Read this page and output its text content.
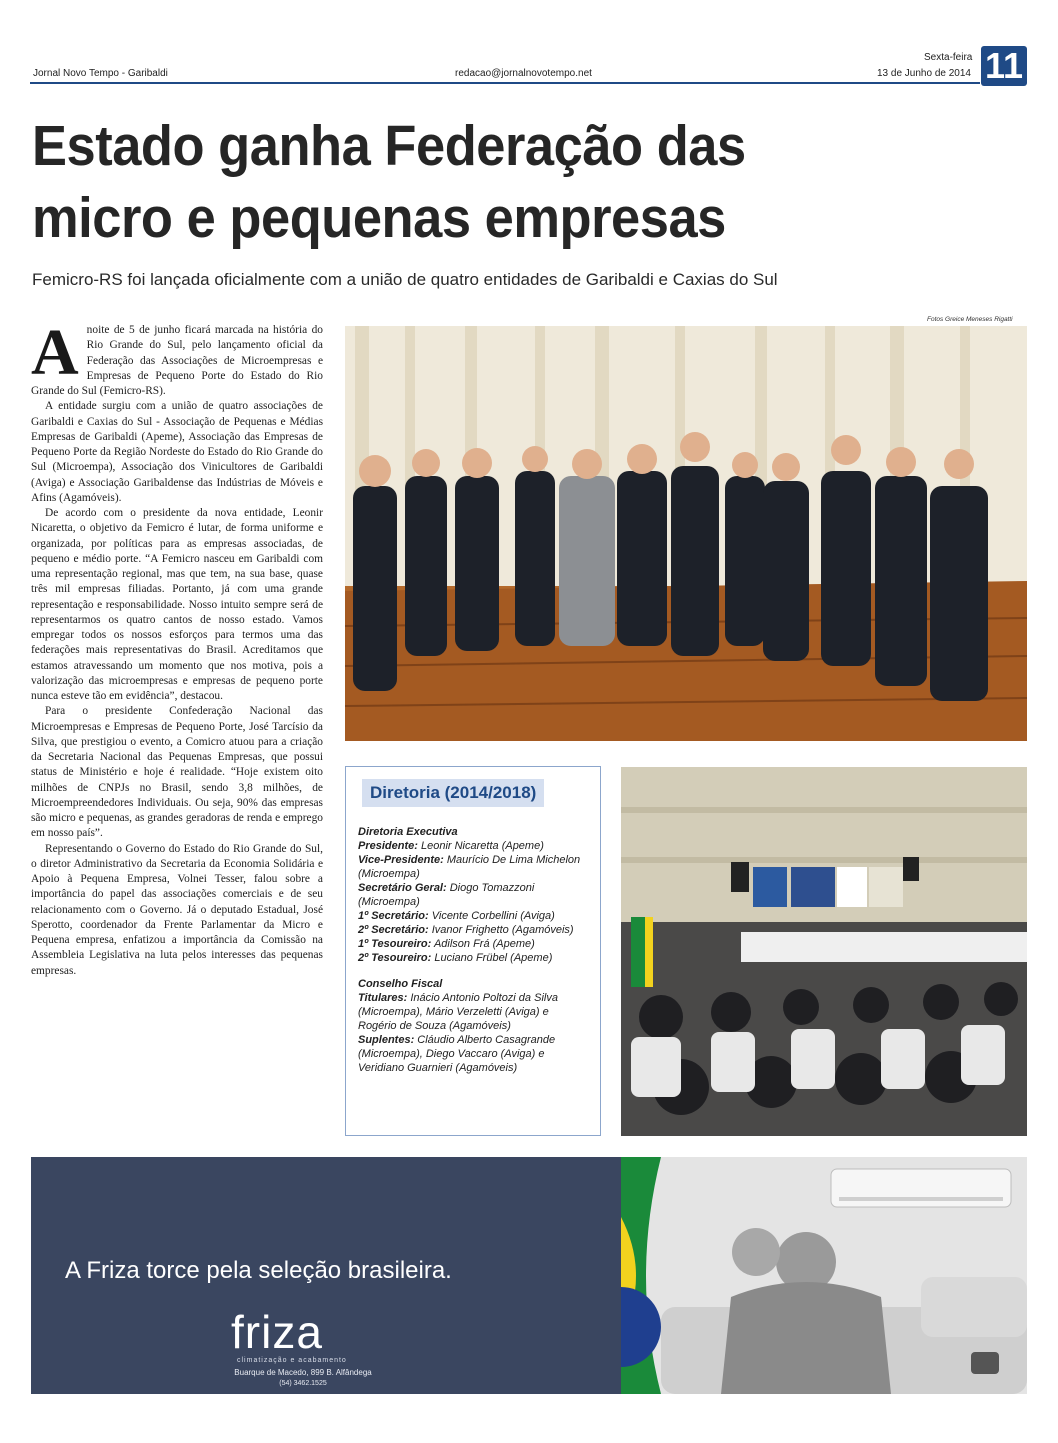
Jornal Novo Tempo - Garibaldi	redacao@jornalnovotempo.net
Sexta-feira
13 de Junho de 2014 11
Estado ganha Federação das
micro e pequenas empresas
Femicro-RS foi lançada oficialmente com a união de quatro entidades de Garibaldi e Caxias do Sul
A noite de 5 de junho ficará marcada na história do Rio Grande do Sul, pelo lançamento oficial da Federação das Associações de Microempresas e Empresas de Pequeno Porte do Estado do Rio Grande do Sul (Femicro-RS).

A entidade surgiu com a união de quatro associações de Garibaldi e Caxias do Sul - Associação de Pequenas e Médias Empresas de Garibaldi (Apeme), Associação das Empresas de Pequeno Porte da Região Nordeste do Estado do Rio Grande do Sul (Microempa), Associação dos Vinicultores de Garibaldi (Aviga) e Associação Garibaldense das Indústrias de Móveis e Afins (Agamóveis).

De acordo com o presidente da nova entidade, Leonir Nicaretta, o objetivo da Femicro é lutar, de forma uniforme e organizada, por políticas para as empresas associadas, de pequeno e médio porte. “A Femicro nasceu em Garibaldi com uma representação regional, mas que tem, na sua base, quase três mil empresas filiadas. Portanto, já com uma grande representação e responsabilidade. Nosso intuito sempre será de representarmos os quatro cantos de nosso estado. Vamos empregar todos os nossos esforços para termos uma das federações mais representativas do Brasil. Acreditamos que estamos atravessando um momento que nos motiva, pois a valorização das microempresas e empresas de pequeno porte nunca esteve tão em evidência”, destacou.

Para o presidente Confederação Nacional das Microempresas e Empresas de Pequeno Porte, José Tarcísio da Silva, que prestigiou o evento, a Comicro atuou para a criação da Secretaria Nacional das Pequenas Empresas, que possui status de Ministério e hoje é realidade. “Hoje existem oito milhões de CNPJs no Brasil, sendo 3,8 milhões, de Microempreendedores Individuais. Ou seja, 90% das empresas são micro e pequenas, as grandes geradoras de renda e emprego em nosso país”.

Representando o Governo do Estado do Rio Grande do Sul, o diretor Administrativo da Secretaria da Economia Solidária e Apoio à Pequena Empresa, Volnei Tesser, falou sobre a importância do papel das associações comerciais e de seu relacionamento com o Governo. Já o deputado Estadual, José Sperotto, coordenador da Frente Parlamentar da Micro e Pequena empresa, enfatizou a importância da Comissão na Assembleia Legislativa na luta pelos interesses das pequenas empresas.

Fotos Greice Meneses Rigatti
Diretoria (2014/2018)
Diretoria Executiva
Presidente: Leonir Nicaretta (Apeme)
Vice-Presidente: Maurício De Lima Michelon (Microempa)
Secretário Geral: Diogo Tomazzoni (Microempa)
1º Secretário: Vicente Corbellini (Aviga)
2º Secretário: Ivanor Frighetto (Agamóveis)
1º Tesoureiro: Adilson Frá (Apeme)
2º Tesoureiro: Luciano Frübel (Apeme)
Conselho Fiscal
Titulares: Inácio Antonio Poltozi da Silva (Microempa), Mário Verzeletti (Aviga) e Rogério de Souza (Agamóveis)
Suplentes: Cláudio Alberto Casagrande (Microempa), Diego Vaccaro (Aviga) e Veridiano Guarnieri (Agamóveis)
A Friza torce pela seleção brasileira.
friza
climatização e acabamento
Buarque de Macedo, 899 B. Alfândega
(54) 3462.1525
